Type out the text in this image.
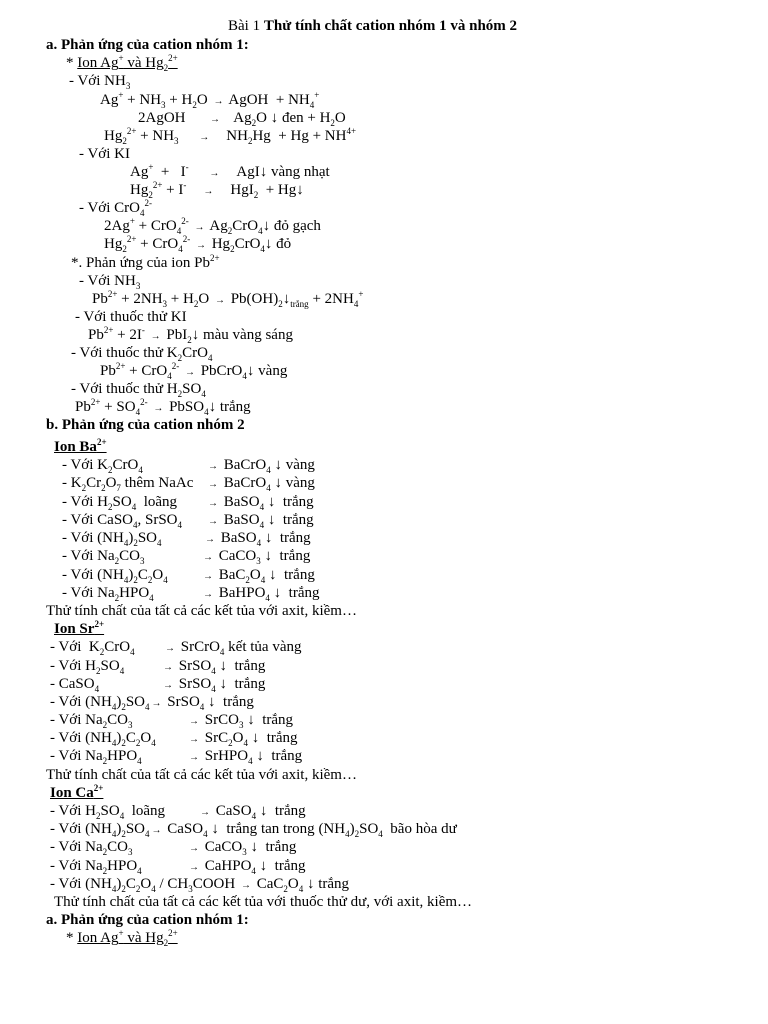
Bài 1 Thử tính chất cation nhóm 1 và nhóm 2
a. Phản ứng của cation nhóm 1:
* Ion Ag+ và $Hg_2^{2+}$
- Với $NH_3$
$Ag^+ + NH_3 + H_2O$ → AgOH  + $NH_4^+$
2AgOH      →   $Ag_2O$ ↓ đen + $H_2O$
$Hg_2^{2+} + NH_3$ →    $NH_2Hg + Hg + NH^{4+}$
- Với KI
Ag+  +   I-     →    AgI↓ vàng nhạt
$Hg_2^{2+} + I^-$    →    HgI$_2$  + Hg↓
- Với CrO$_4^{2-}$
$2Ag^+ + CrO_4^{2-} \to Ag_2CrO_4↓$ đỏ gạch
$Hg_2^{2+} + CrO_4^{2-}$ → $Hg_2CrO_4↓$ đỏ
*. Phản ứng của ion $Pb^{2+}$
- Với $NH_3$
$Pb^{2+} + 2NH_3 + H_2O$ → $Pb(OH)_2↓_{trắng} + 2NH_4^+$
- Với thuốc thử KI
$Pb^{2+} + 2I^-$ → PbI$_2$↓ màu vàng sáng
- Với thuốc thử $K_2CrO_4$
$Pb^{2+} + CrO_4^{2-}$ → PbCrO$_4$↓ vàng
- Với thuốc thử $H_2SO_4$
$Pb^{2+} + SO_4^{2-}$ → PbSO$_4$↓ trắng
b. Phản ứng của cation nhóm 2
Ion $Ba^{2+}$
- Với $K_2CrO_4$	→ BaCrO$_4$ ↓ vàng
- $K_2Cr_2O_7$ thêm NaAc → BaCrO$_4$ ↓ vàng
- Với $H_2SO_4$  loãng	→ BaSO$_4$ ↓  trắng
- Với CaSO$_4$, SrSO$_4$	→ BaSO$_4$ ↓  trắng
- Với $(NH_4)_2SO_4$	→ BaSO$_4$ ↓  trắng
- Với $Na_2CO_3$	→ CaCO$_3$ ↓  trắng
- Với $(NH_4)_2C_2O_4$	→ $BaC_2O_4$ ↓  trắng
- Với $Na_2HPO_4$	→ BaHPO$_4$ ↓  trắng
Thử tính chất của tất cả các kết tủa với axit, kiềm…
Ion $Sr^{2+}$
- Với  $K_2CrO_4$	→ SrCrO$_4$ kết tủa vàng
- Với $H_2SO_4$	→ SrSO$_4$ ↓  trắng
- CaSO$_4$	→ SrSO$_4$ ↓  trắng
- Với $(NH_4)_2SO_4$ → SrSO$_4$ ↓  trắng
- Với $Na_2CO_3$	→ SrCO$_3$ ↓  trắng
- Với $(NH_4)_2C_2O_4$	→ $SrC_2O_4$ ↓  trắng
- Với $Na_2HPO_4$	→ SrHPO$_4$ ↓  trắng
Thử tính chất của tất cả các kết tủa với axit, kiềm…
Ion $Ca^{2+}$
- Với $H_2SO_4$  loãng	→ CaSO$_4$ ↓  trắng
- Với $(NH_4)_2SO_4$ → CaSO$_4$ ↓  trắng tan trong $(NH_4)_2SO_4$ bão hòa dư
- Với $Na_2CO_3$	→ CaCO$_3$ ↓  trắng
- Với $Na_2HPO_4$	→ CaHPO$_4$ ↓  trắng
- Với $(NH_4)_2C_2O_4$ / $CH_3COOH \to CaC_2O_4$ ↓ trắng
Thử tính chất của tất cả các kết tủa với thuốc thử dư, với axit, kiềm…
a. Phản ứng của cation nhóm 1:
* Ion Ag+ và $Hg_2^{2+}$
